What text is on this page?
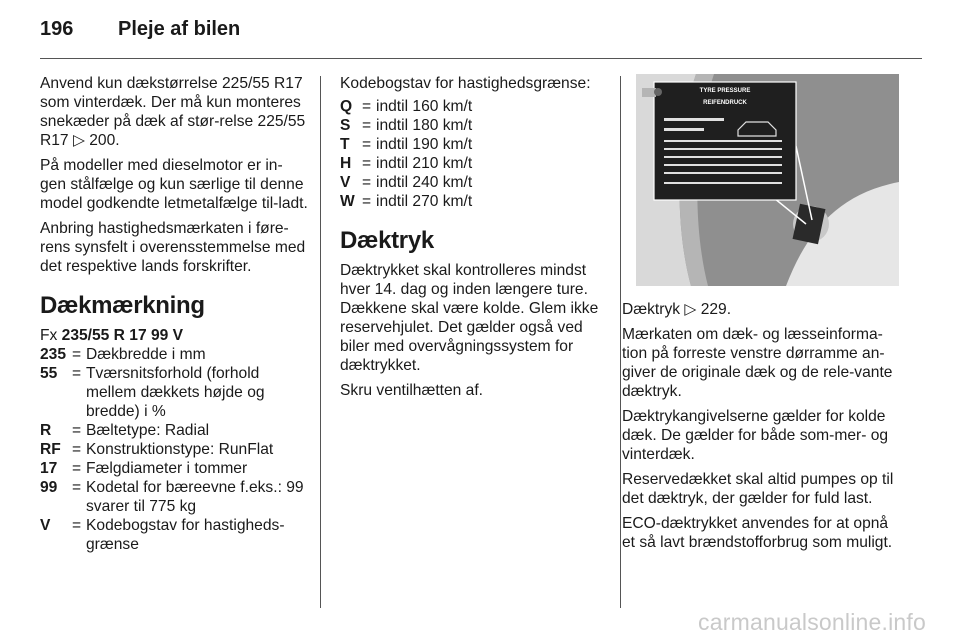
196	Pleje af bilen

Anvend kun dækstørrelse 225/55 R17 som vinterdæk. Der må kun monteres snekæder på dæk af stør-relse 225/55 R17 ▷ 200.

På modeller med dieselmotor er in-gen stålfælge og kun særlige til denne model godkendte letmetalfælge til-ladt.

Anbring hastighedsmærkaten i føre-rens synsfelt i overensstemmelse med det respektive lands forskrifter.

Dækmærkning
Fx 235/55 R 17 99 V
235 = Dækbredde i mm
55 = Tværsnitsforhold (forhold mellem dækkets højde og bredde) i %
R	= Bæltetype: Radial
RF = Konstruktionstype: RunFlat
17 = Fælgdiameter i tommer
99 = Kodetal for bæreevne f.eks.: 99 svarer til 775 kg
V	= Kodebogstav for hastigheds-grænse

Kodebogstav for hastighedsgrænse:

Q = indtil 160 km/t
S = indtil 180 km/t
T = indtil 190 km/t
H = indtil 210 km/t
V = indtil 240 km/t
W = indtil 270 km/t
Dæktryk

Dæktrykket skal kontrolleres mindst hver 14. dag og inden længere ture. Dækkene skal være kolde. Glem ikke reservehjulet. Det gælder også ved biler med overvågningssystem for dæktrykket.

Skru ventilhætten af.

TYRE PRESSURE
REIFENDRUCK

Dæktryk ▷ 229.

Mærkaten om dæk- og læsseinforma-tion på forreste venstre dørramme an-giver de originale dæk og de rele-vante dæktryk.

Dæktrykangivelserne gælder for kolde dæk. De gælder for både som-mer- og vinterdæk.

Reservedækket skal altid pumpes op til det dæktryk, der gælder for fuld last.

ECO-dæktrykket anvendes for at opnå et så lavt brændstofforbrug som muligt.

carmanualsonline.info
